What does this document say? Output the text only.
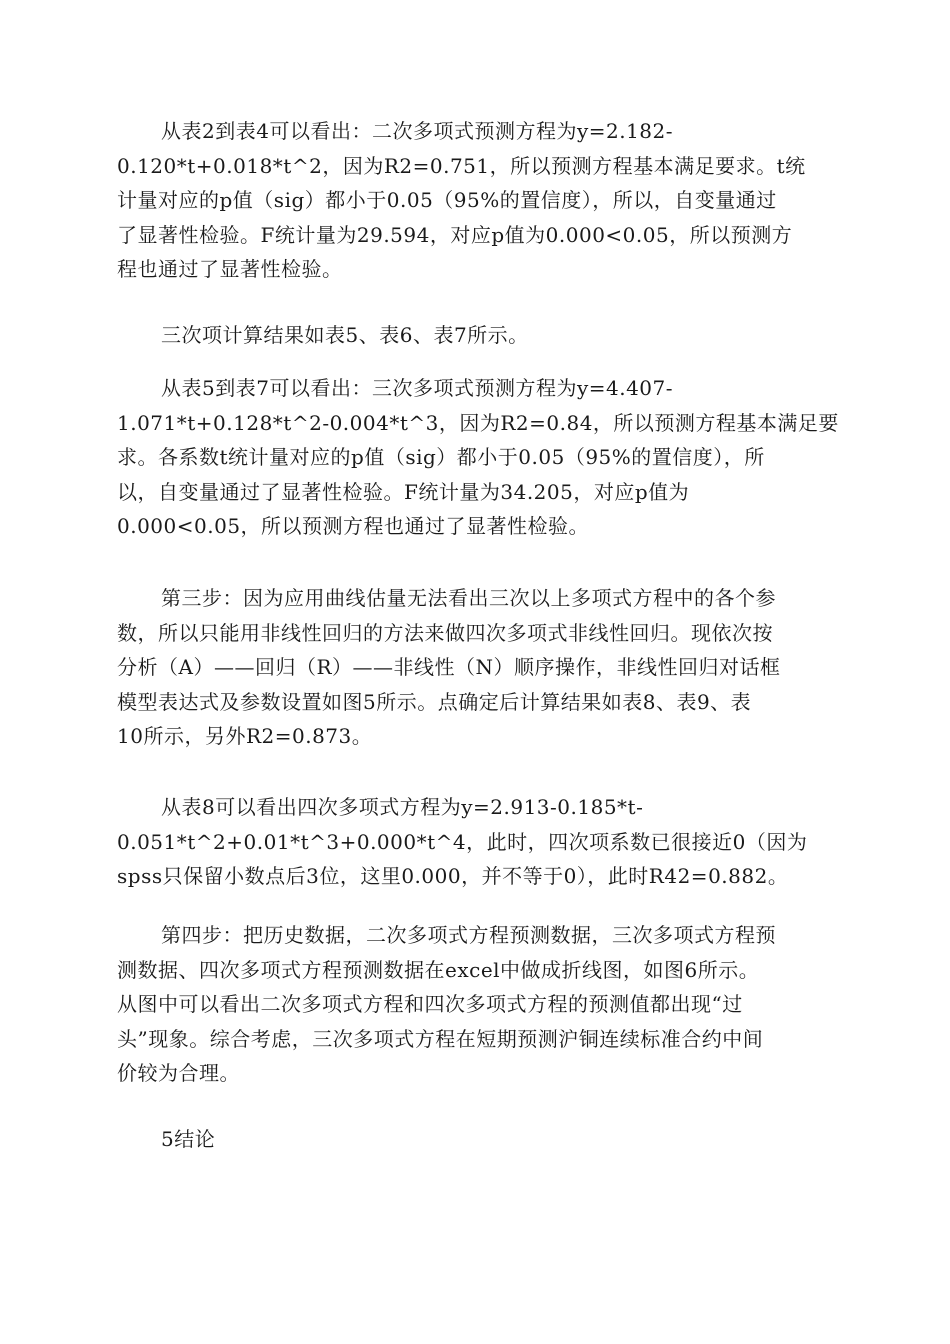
从表2到表4可以看出：二次多项式预测方程为y=2.182-
0.120*t+0.018*t^2，因为R2=0.751，所以预测方程基本满足要求。t统
计量对应的p值（sig）都小于0.05（95%的置信度），所以，自变量通过
了显著性检验。F统计量为29.594，对应p值为0.000<0.05，所以预测方
程也通过了显著性检验。

三次项计算结果如表5、表6、表7所示。

从表5到表7可以看出：三次多项式预测方程为y=4.407-
1.071*t+0.128*t^2-0.004*t^3，因为R2=0.84，所以预测方程基本满足要
求。各系数t统计量对应的p值（sig）都小于0.05（95%的置信度），所
以，自变量通过了显著性检验。F统计量为34.205，对应p值为
0.000<0.05，所以预测方程也通过了显著性检验。

第三步：因为应用曲线估量无法看出三次以上多项式方程中的各个参
数，所以只能用非线性回归的方法来做四次多项式非线性回归。现依次按
分析（A）——回归（R）——非线性（N）顺序操作，非线性回归对话框
模型表达式及参数设置如图5所示。点确定后计算结果如表8、表9、表
10所示，另外R2=0.873。

从表8可以看出四次多项式方程为y=2.913-0.185*t-
0.051*t^2+0.01*t^3+0.000*t^4，此时，四次项系数已很接近0（因为
spss只保留小数点后3位，这里0.000，并不等于0），此时R42=0.882。

第四步：把历史数据，二次多项式方程预测数据，三次多项式方程预
测数据、四次多项式方程预测数据在excel中做成折线图，如图6所示。
从图中可以看出二次多项式方程和四次多项式方程的预测值都出现“过
头”现象。综合考虑，三次多项式方程在短期预测沪铜连续标准合约中间
价较为合理。

5结论
